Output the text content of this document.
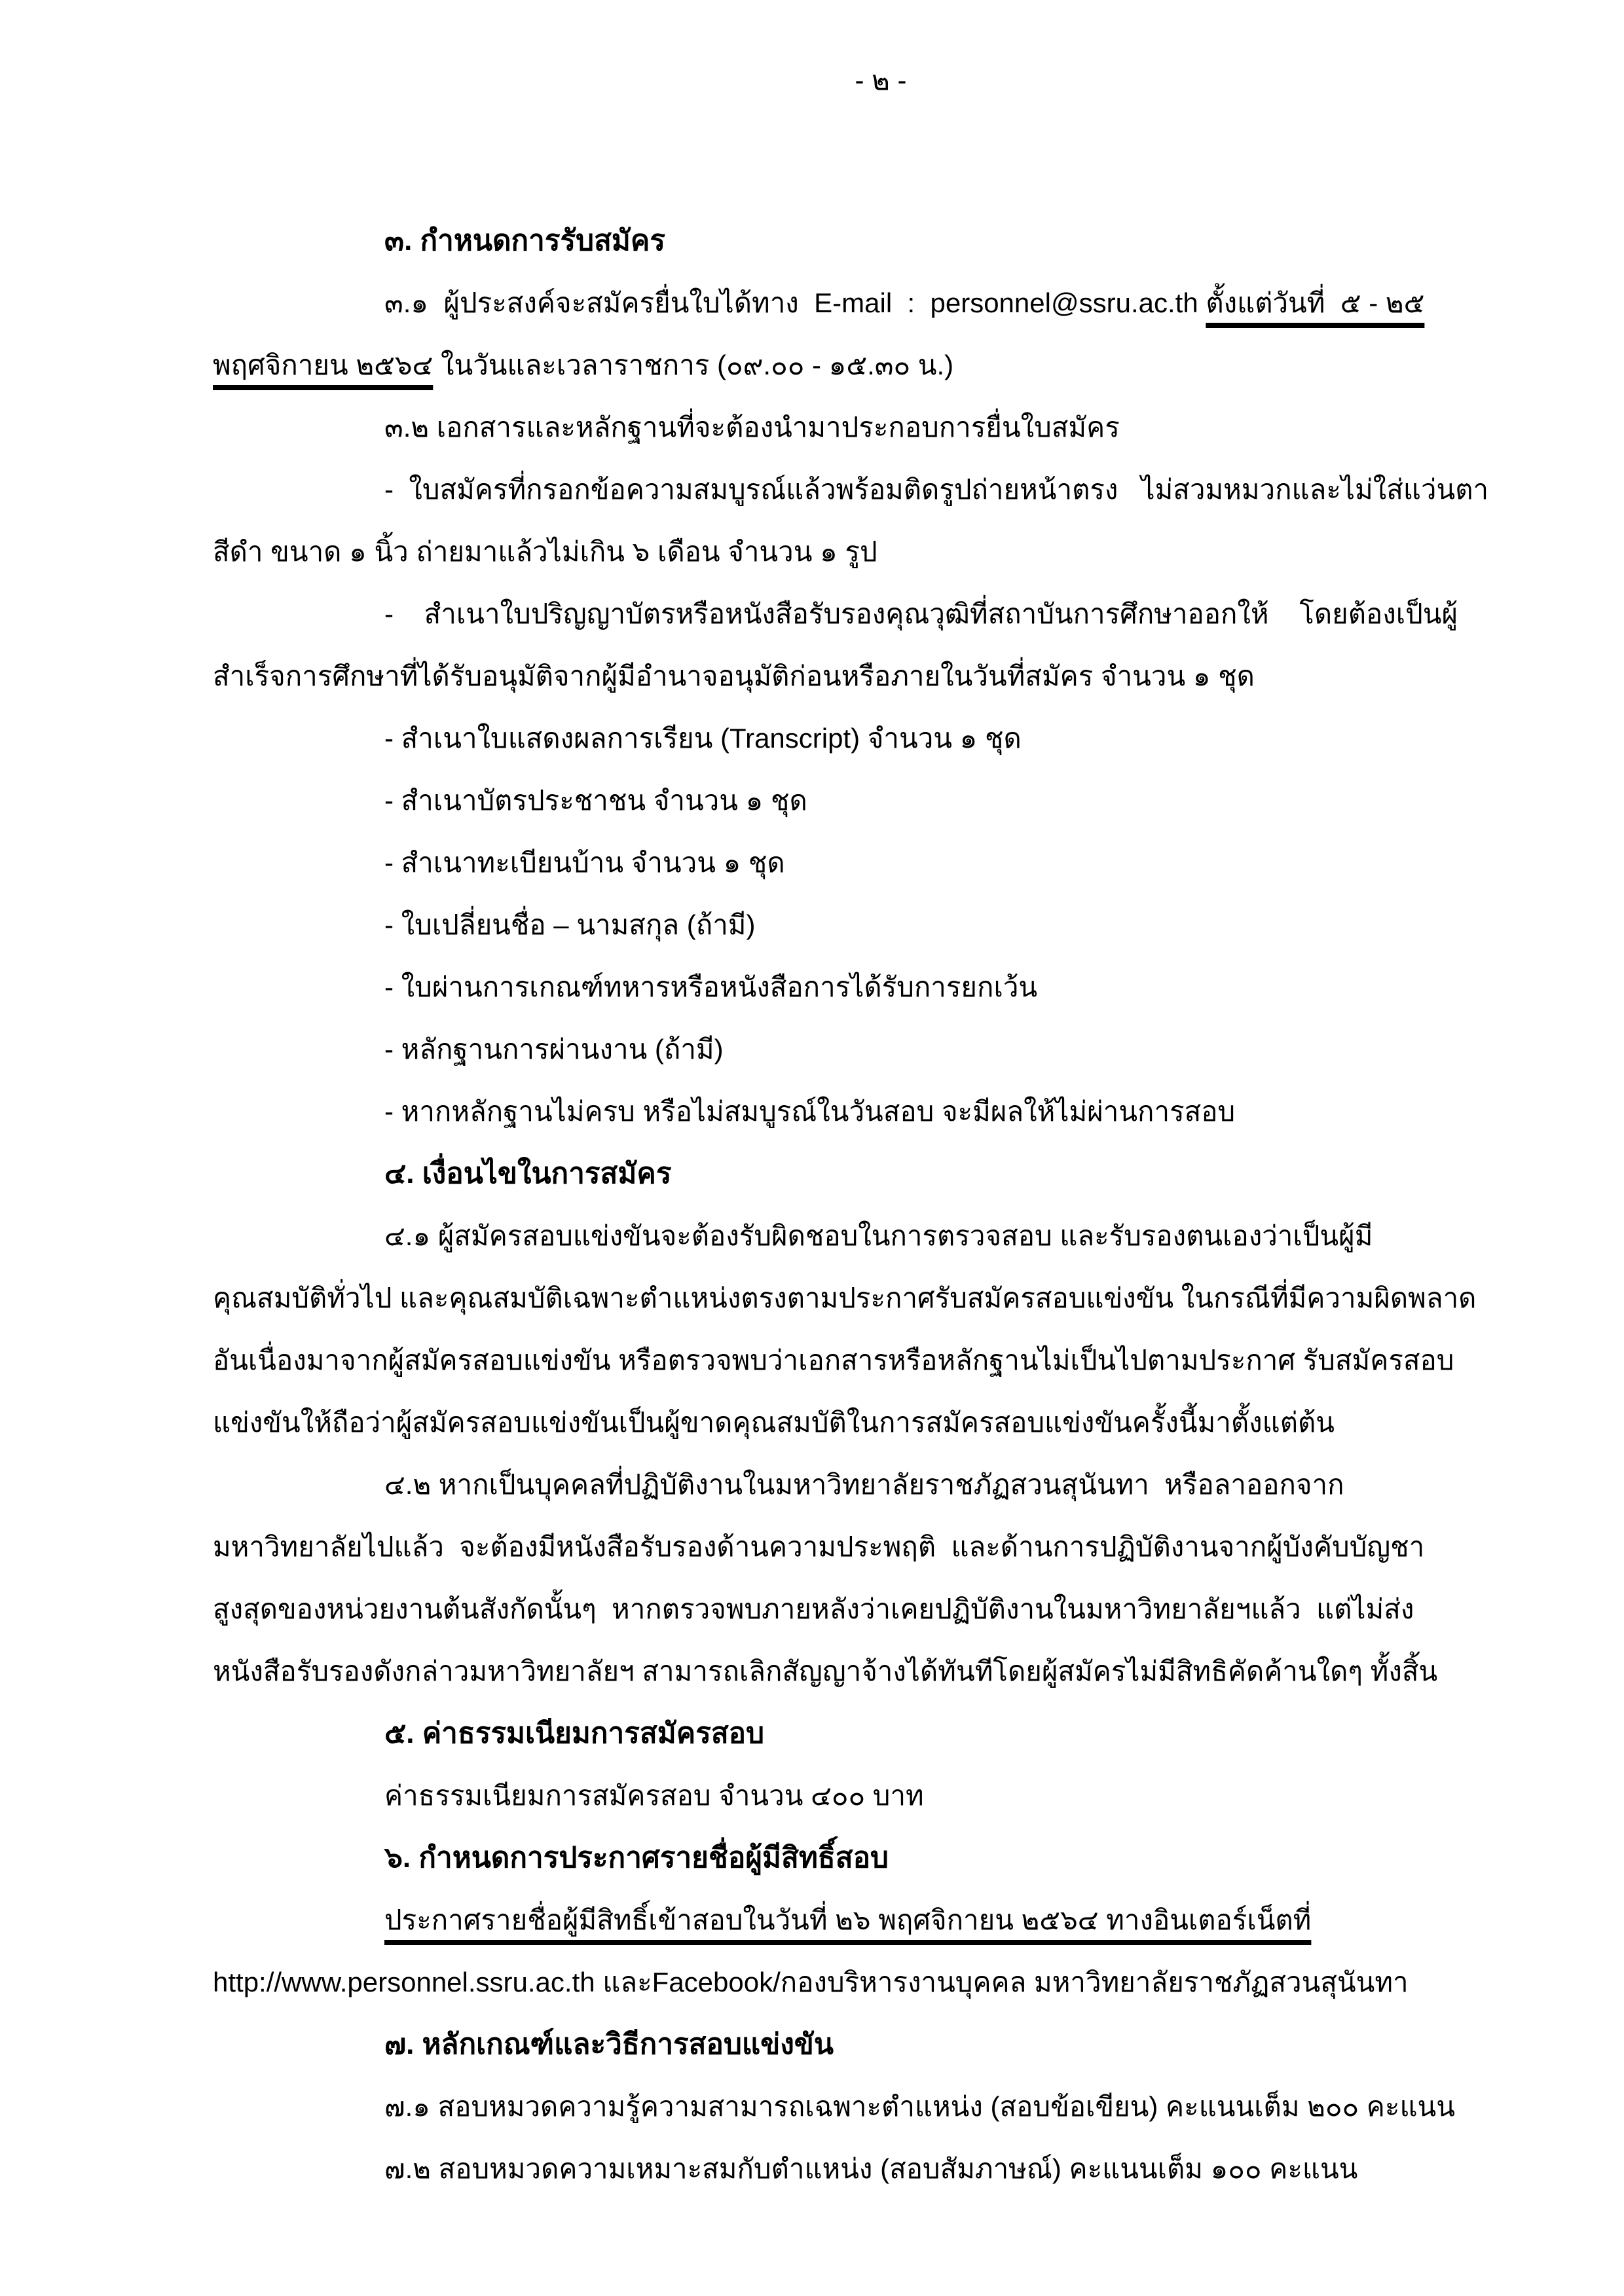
- ๒ -
๓. กำหนดการรับสมัคร
๓.๑  ผู้ประสงค์จะสมัครยื่นใบได้ทาง  E-mail  :  personnel@ssru.ac.th ตั้งแต่วันที่  ๕ - ๒๕
พฤศจิกายน ๒๕๖๔ ในวันและเวลาราชการ (๐๙.๐๐ - ๑๕.๓๐ น.)
๓.๒ เอกสารและหลักฐานที่จะต้องนำมาประกอบการยื่นใบสมัคร
-  ใบสมัครที่กรอกข้อความสมบูรณ์แล้วพร้อมติดรูปถ่ายหน้าตรง   ไม่สวมหมวกและไม่ใส่แว่นตา
สีดำ ขนาด ๑ นิ้ว ถ่ายมาแล้วไม่เกิน ๖ เดือน จำนวน ๑ รูป
-    สำเนาใบปริญญาบัตรหรือหนังสือรับรองคุณวุฒิที่สถาบันการศึกษาออกให้    โดยต้องเป็นผู้
สำเร็จการศึกษาที่ได้รับอนุมัติจากผู้มีอำนาจอนุมัติก่อนหรือภายในวันที่สมัคร จำนวน ๑ ชุด
- สำเนาใบแสดงผลการเรียน (Transcript) จำนวน ๑ ชุด
- สำเนาบัตรประชาชน จำนวน ๑ ชุด
- สำเนาทะเบียนบ้าน จำนวน ๑ ชุด
- ใบเปลี่ยนชื่อ – นามสกุล (ถ้ามี)
- ใบผ่านการเกณฑ์ทหารหรือหนังสือการได้รับการยกเว้น
- หลักฐานการผ่านงาน (ถ้ามี)
- หากหลักฐานไม่ครบ หรือไม่สมบูรณ์ในวันสอบ จะมีผลให้ไม่ผ่านการสอบ
๔. เงื่อนไขในการสมัคร
๔.๑ ผู้สมัครสอบแข่งขันจะต้องรับผิดชอบในการตรวจสอบ และรับรองตนเองว่าเป็นผู้มี
คุณสมบัติทั่วไป และคุณสมบัติเฉพาะตำแหน่งตรงตามประกาศรับสมัครสอบแข่งขัน ในกรณีที่มีความผิดพลาด
อันเนื่องมาจากผู้สมัครสอบแข่งขัน หรือตรวจพบว่าเอกสารหรือหลักฐานไม่เป็นไปตามประกาศ รับสมัครสอบ
แข่งขันให้ถือว่าผู้สมัครสอบแข่งขันเป็นผู้ขาดคุณสมบัติในการสมัครสอบแข่งขันครั้งนี้มาตั้งแต่ต้น
๔.๒ หากเป็นบุคคลที่ปฏิบัติงานในมหาวิทยาลัยราชภัฏสวนสุนันทา  หรือลาออกจาก
มหาวิทยาลัยไปแล้ว  จะต้องมีหนังสือรับรองด้านความประพฤติ  และด้านการปฏิบัติงานจากผู้บังคับบัญชา
สูงสุดของหน่วยงานต้นสังกัดนั้นๆ  หากตรวจพบภายหลังว่าเคยปฏิบัติงานในมหาวิทยาลัยฯแล้ว  แต่ไม่ส่ง
หนังสือรับรองดังกล่าวมหาวิทยาลัยฯ สามารถเลิกสัญญาจ้างได้ทันทีโดยผู้สมัครไม่มีสิทธิคัดค้านใดๆ ทั้งสิ้น
๕. ค่าธรรมเนียมการสมัครสอบ
ค่าธรรมเนียมการสมัครสอบ จำนวน ๔๐๐ บาท
๖. กำหนดการประกาศรายชื่อผู้มีสิทธิ์สอบ
ประกาศรายชื่อผู้มีสิทธิ์เข้าสอบในวันที่ ๒๖ พฤศจิกายน ๒๕๖๔ ทางอินเตอร์เน็ตที่
http://www.personnel.ssru.ac.th และFacebook/กองบริหารงานบุคคล มหาวิทยาลัยราชภัฏสวนสุนันทา
๗. หลักเกณฑ์และวิธีการสอบแข่งขัน
๗.๑ สอบหมวดความรู้ความสามารถเฉพาะตำแหน่ง (สอบข้อเขียน) คะแนนเต็ม ๒๐๐ คะแนน
๗.๒ สอบหมวดความเหมาะสมกับตำแหน่ง (สอบสัมภาษณ์) คะแนนเต็ม ๑๐๐ คะแนน
